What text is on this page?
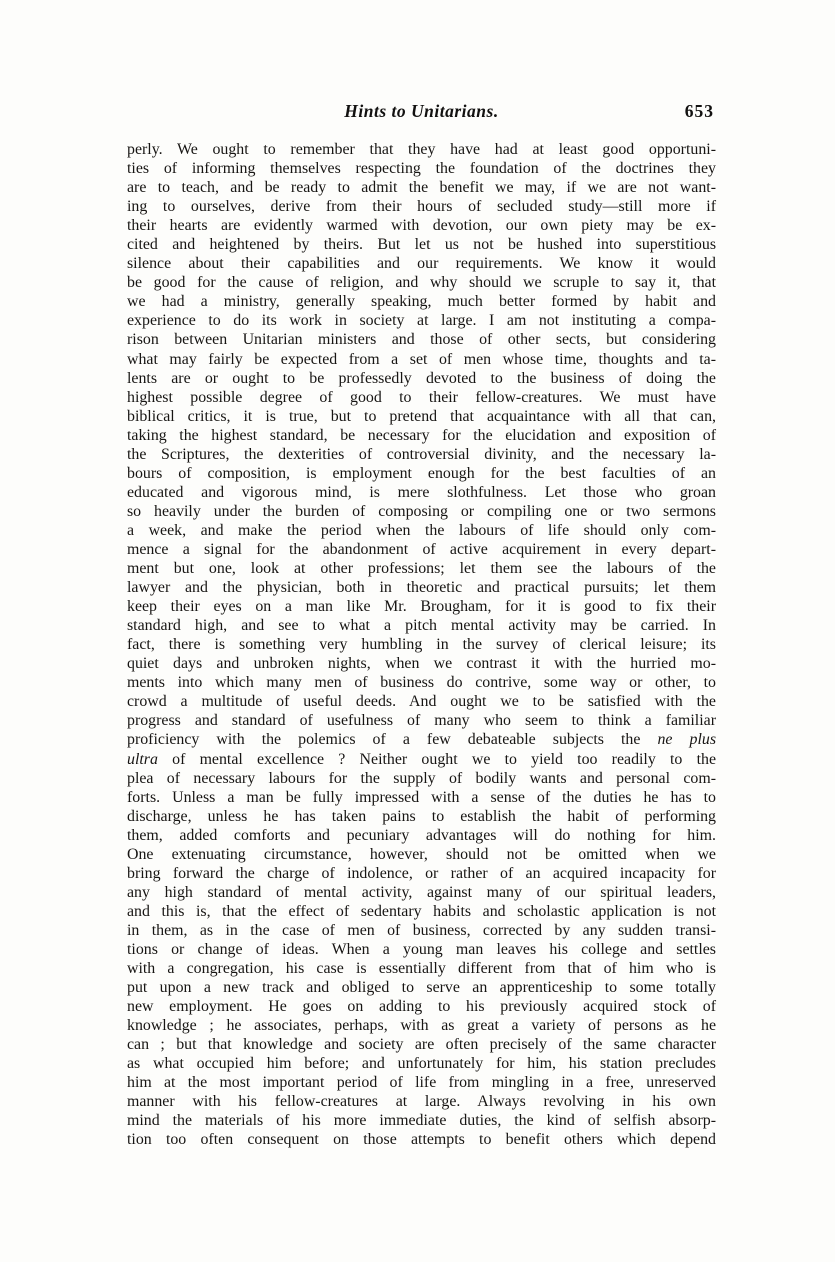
Hints to Unitarians.	653
perly. We ought to remember that they have had at least good opportuni-
ties of informing themselves respecting the foundation of the doctrines they
are to teach, and be ready to admit the benefit we may, if we are not want-
ing to ourselves, derive from their hours of secluded study—still more if
their hearts are evidently warmed with devotion, our own piety may be ex-
cited and heightened by theirs. But let us not be hushed into superstitious
silence about their capabilities and our requirements. We know it would
be good for the cause of religion, and why should we scruple to say it, that
we had a ministry, generally speaking, much better formed by habit and
experience to do its work in society at large. I am not instituting a compa-
rison between Unitarian ministers and those of other sects, but considering
what may fairly be expected from a set of men whose time, thoughts and ta-
lents are or ought to be professedly devoted to the business of doing the
highest possible degree of good to their fellow-creatures. We must have
biblical critics, it is true, but to pretend that acquaintance with all that can,
taking the highest standard, be necessary for the elucidation and exposition of
the Scriptures, the dexterities of controversial divinity, and the necessary la-
bours of composition, is employment enough for the best faculties of an
educated and vigorous mind, is mere slothfulness. Let those who groan
so heavily under the burden of composing or compiling one or two sermons
a week, and make the period when the labours of life should only com-
mence a signal for the abandonment of active acquirement in every depart-
ment but one, look at other professions; let them see the labours of the
lawyer and the physician, both in theoretic and practical pursuits; let them
keep their eyes on a man like Mr. Brougham, for it is good to fix their
standard high, and see to what a pitch mental activity may be carried. In
fact, there is something very humbling in the survey of clerical leisure; its
quiet days and unbroken nights, when we contrast it with the hurried mo-
ments into which many men of business do contrive, some way or other, to
crowd a multitude of useful deeds. And ought we to be satisfied with the
progress and standard of usefulness of many who seem to think a familiar
proficiency with the polemics of a few debateable subjects the ne plus
ultra of mental excellence ? Neither ought we to yield too readily to the
plea of necessary labours for the supply of bodily wants and personal com-
forts. Unless a man be fully impressed with a sense of the duties he has to
discharge, unless he has taken pains to establish the habit of performing
them, added comforts and pecuniary advantages will do nothing for him.
One extenuating circumstance, however, should not be omitted when we
bring forward the charge of indolence, or rather of an acquired incapacity for
any high standard of mental activity, against many of our spiritual leaders,
and this is, that the effect of sedentary habits and scholastic application is not
in them, as in the case of men of business, corrected by any sudden transi-
tions or change of ideas. When a young man leaves his college and settles
with a congregation, his case is essentially different from that of him who is
put upon a new track and obliged to serve an apprenticeship to some totally
new employment. He goes on adding to his previously acquired stock of
knowledge ; he associates, perhaps, with as great a variety of persons as he
can ; but that knowledge and society are often precisely of the same character
as what occupied him before; and unfortunately for him, his station precludes
him at the most important period of life from mingling in a free, unreserved
manner with his fellow-creatures at large. Always revolving in his own
mind the materials of his more immediate duties, the kind of selfish absorp-
tion too often consequent on those attempts to benefit others which depend
